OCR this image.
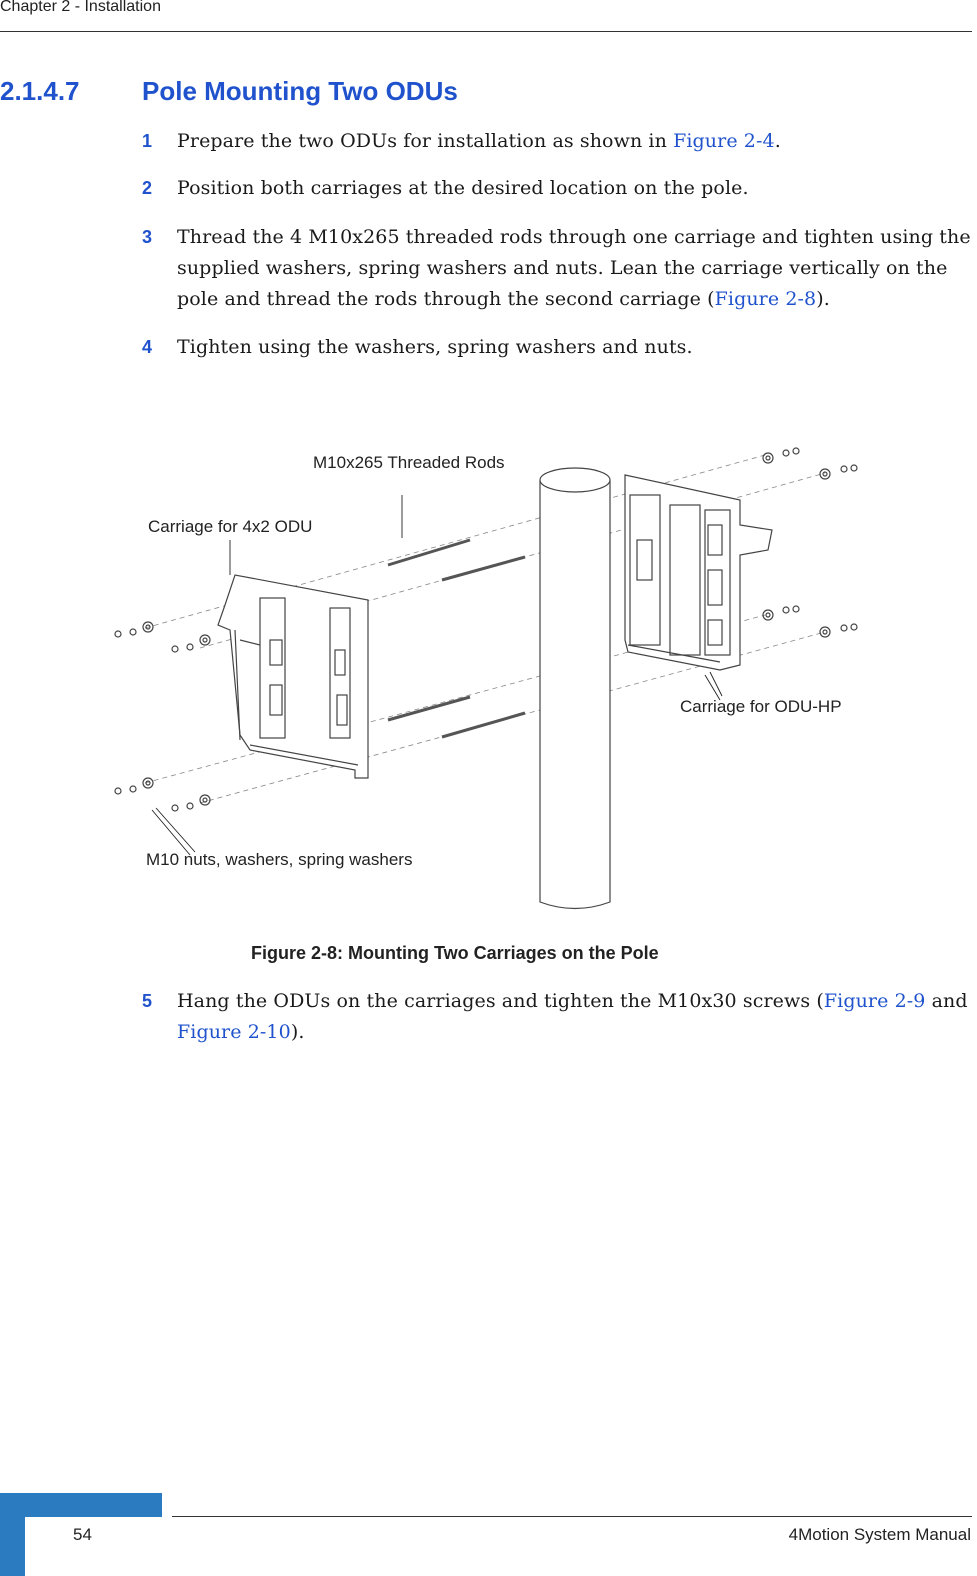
Chapter 2 - Installation
2.1.4.7 Pole Mounting Two ODUs
1 Prepare the two ODUs for installation as shown in Figure 2-4.
2 Position both carriages at the desired location on the pole.
3 Thread the 4 M10x265 threaded rods through one carriage and tighten using the supplied washers, spring washers and nuts. Lean the carriage vertically on the pole and thread the rods through the second carriage (Figure 2-8).
4 Tighten using the washers, spring washers and nuts.
M10x265 Threaded Rods
Carriage for 4x2 ODU
Carriage for ODU-HP
M10 nuts, washers, spring washers
Figure 2-8: Mounting Two Carriages on the Pole
5 Hang the ODUs on the carriages and tighten the M10x30 screws (Figure 2-9 and Figure 2-10).
54	4Motion System Manual
